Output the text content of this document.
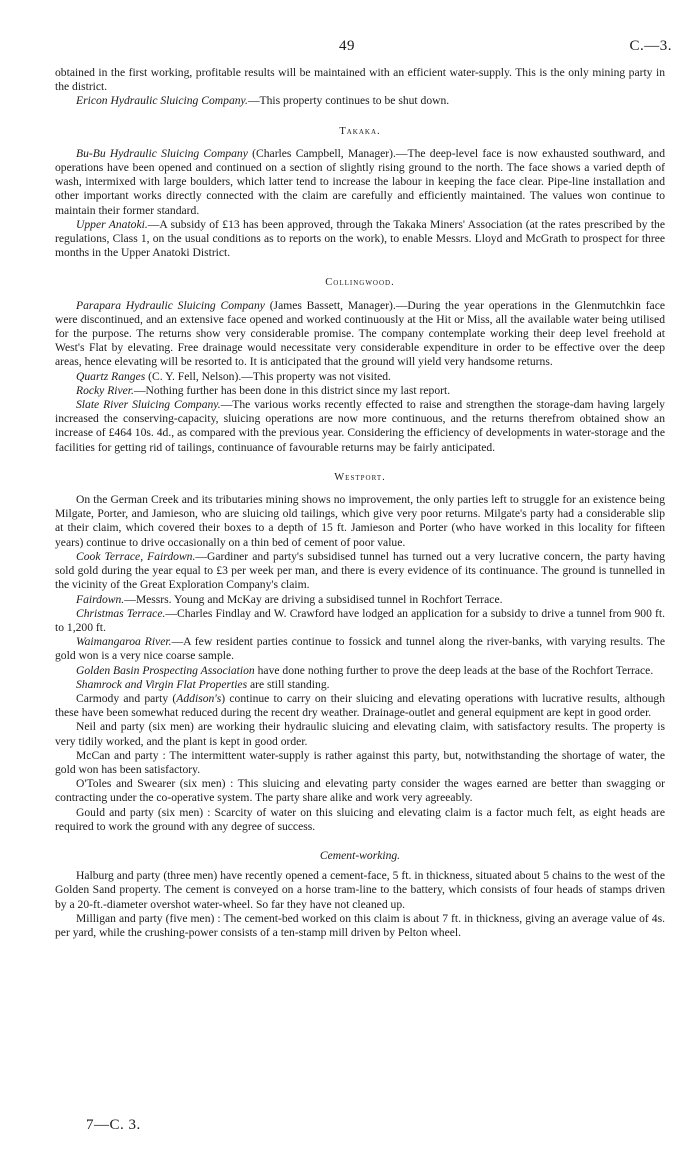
49	C.—3.

obtained in the first working, profitable results will be maintained with an efficient water-supply. This is the only mining party in the district.

Ericon Hydraulic Sluicing Company.—This property continues to be shut down.

Takaka.

Bu-Bu Hydraulic Sluicing Company (Charles Campbell, Manager).—The deep-level face is now exhausted southward, and operations have been opened and continued on a section of slightly rising ground to the north. The face shows a varied depth of wash, intermixed with large boulders, which latter tend to increase the labour in keeping the face clear. Pipe-line installation and other important works directly connected with the claim are carefully and efficiently maintained. The values won continue to maintain their former standard.

Upper Anatoki.—A subsidy of £13 has been approved, through the Takaka Miners' Association (at the rates prescribed by the regulations, Class 1, on the usual conditions as to reports on the work), to enable Messrs. Lloyd and McGrath to prospect for three months in the Upper Anatoki District.

Collingwood.

Parapara Hydraulic Sluicing Company (James Bassett, Manager).—During the year operations in the Glenmutchkin face were discontinued, and an extensive face opened and worked continuously at the Hit or Miss, all the available water being utilised for the purpose. The returns show very considerable promise. The company contemplate working their deep level freehold at West's Flat by elevating. Free drainage would necessitate very considerable expenditure in order to be effective over the deep areas, hence elevating will be resorted to. It is anticipated that the ground will yield very handsome returns.

Quartz Ranges (C. Y. Fell, Nelson).—This property was not visited.

Rocky River.—Nothing further has been done in this district since my last report.

Slate River Sluicing Company.—The various works recently effected to raise and strengthen the storage-dam having largely increased the conserving-capacity, sluicing operations are now more continuous, and the returns therefrom obtained show an increase of £464 10s. 4d., as compared with the previous year. Considering the efficiency of developments in water-storage and the facilities for getting rid of tailings, continuance of favourable returns may be fairly anticipated.

Westport.

On the German Creek and its tributaries mining shows no improvement, the only parties left to struggle for an existence being Milgate, Porter, and Jamieson, who are sluicing old tailings, which give very poor returns. Milgate's party had a considerable slip at their claim, which covered their boxes to a depth of 15 ft. Jamieson and Porter (who have worked in this locality for fifteen years) continue to drive occasionally on a thin bed of cement of poor value.

Cook Terrace, Fairdown.—Gardiner and party's subsidised tunnel has turned out a very lucrative concern, the party having sold gold during the year equal to £3 per week per man, and there is every evidence of its continuance. The ground is tunnelled in the vicinity of the Great Exploration Company's claim.

Fairdown.—Messrs. Young and McKay are driving a subsidised tunnel in Rochfort Terrace.

Christmas Terrace.—Charles Findlay and W. Crawford have lodged an application for a subsidy to drive a tunnel from 900 ft. to 1,200 ft.

Waimangaroa River.—A few resident parties continue to fossick and tunnel along the river-banks, with varying results. The gold won is a very nice coarse sample.

Golden Basin Prospecting Association have done nothing further to prove the deep leads at the base of the Rochfort Terrace.

Shamrock and Virgin Flat Properties are still standing.

Carmody and party (Addison's) continue to carry on their sluicing and elevating operations with lucrative results, although these have been somewhat reduced during the recent dry weather. Drainage-outlet and general equipment are kept in good order.

Neil and party (six men) are working their hydraulic sluicing and elevating claim, with satisfactory results. The property is very tidily worked, and the plant is kept in good order.

McCan and party : The intermittent water-supply is rather against this party, but, notwithstanding the shortage of water, the gold won has been satisfactory.

O'Toles and Swearer (six men) : This sluicing and elevating party consider the wages earned are better than swagging or contracting under the co-operative system. The party share alike and work very agreeably.

Gould and party (six men) : Scarcity of water on this sluicing and elevating claim is a factor much felt, as eight heads are required to work the ground with any degree of success.

Cement-working.

Halburg and party (three men) have recently opened a cement-face, 5 ft. in thickness, situated about 5 chains to the west of the Golden Sand property. The cement is conveyed on a horse tram-line to the battery, which consists of four heads of stamps driven by a 20-ft.-diameter overshot water-wheel. So far they have not cleaned up.

Milligan and party (five men) : The cement-bed worked on this claim is about 7 ft. in thickness, giving an average value of 4s. per yard, while the crushing-power consists of a ten-stamp mill driven by Pelton wheel.

7—C. 3.
